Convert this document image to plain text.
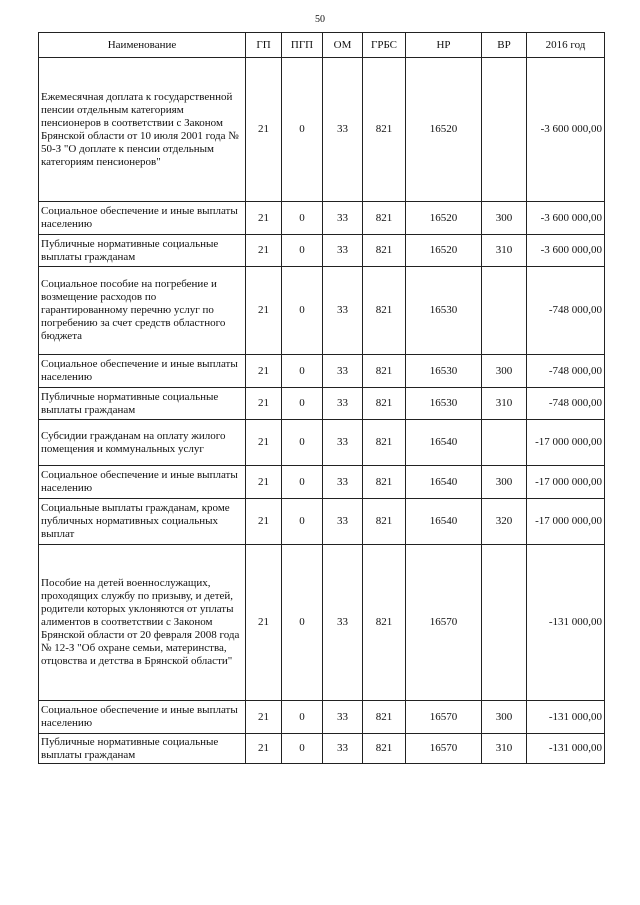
50
Наименование	ГП	ПГП	ОМ	ГРБС	НР	ВР	2016 год
Ежемесячная доплата к государственной пенсии отдельным категориям пенсионеров в соответствии с Законом Брянской области от 10 июля 2001 года № 50-З "О доплате к пенсии отдельным категориям пенсионеров"	21	0	33	821	16520		-3 600 000,00
Социальное обеспечение и иные выплаты населению	21	0	33	821	16520	300	-3 600 000,00
Публичные нормативные социальные выплаты гражданам	21	0	33	821	16520	310	-3 600 000,00
Социальное пособие на погребение и возмещение расходов по гарантированному перечню услуг по погребению за счет средств областного бюджета	21	0	33	821	16530		-748 000,00
Социальное обеспечение и иные выплаты населению	21	0	33	821	16530	300	-748 000,00
Публичные нормативные социальные выплаты гражданам	21	0	33	821	16530	310	-748 000,00
Субсидии гражданам на оплату жилого помещения и коммунальных услуг	21	0	33	821	16540		-17 000 000,00
Социальное обеспечение и иные выплаты населению	21	0	33	821	16540	300	-17 000 000,00
Социальные выплаты гражданам, кроме публичных нормативных социальных выплат	21	0	33	821	16540	320	-17 000 000,00
Пособие на детей военнослужащих, проходящих службу по призыву, и детей, родители которых уклоняются от уплаты алиментов в соответствии с Законом Брянской области от 20 февраля 2008 года № 12-З "Об охране семьи, материнства, отцовства и детства в Брянской области"	21	0	33	821	16570		-131 000,00
Социальное обеспечение и иные выплаты населению	21	0	33	821	16570	300	-131 000,00
Публичные нормативные социальные выплаты гражданам	21	0	33	821	16570	310	-131 000,00
